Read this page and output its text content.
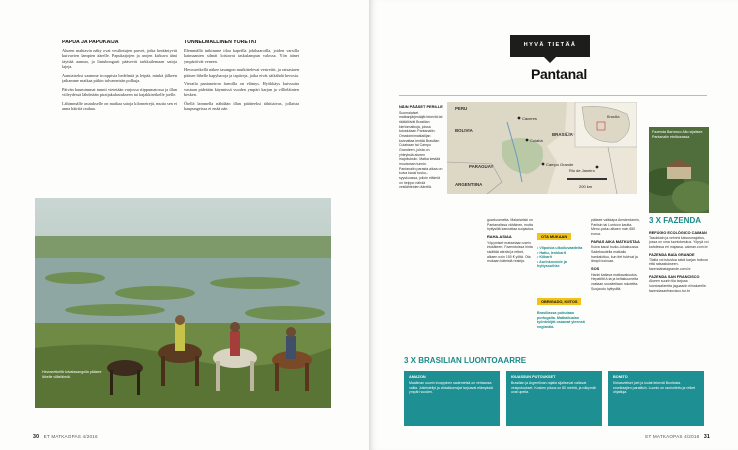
PAPUA JA PAPUKAIJA

Alueen mahtavin näky ovat vesilintujen parvet, jotka kerääntyvät kuivuvien lampien äärelle. Papukaijojen ja arojen kirkuva ääni täyttää aamun, ja lintubongarit pääsevät tarkkailemaan satoja lajeja.

Aamiaiseksi saamme trooppisia hedelmiä ja leipää, minkä jälkeen jatkamme matkaa pitkin tulvametsän polkuja.

Päivän kuumimmat tunnit vietetään varjossa riippumatossa ja illan viileydessä lähdetään piraijakalastukseen tai kajakkiretkelle joelle.

Lähimmälle asutukselle on matkaa satoja kilometrejä, mutta sen ei anna häiritä rauhaa.

TUNNELMALLINEN YÖRETKI

Illemmällä tutkimme tilaa kapeilla jokihaaroilla, joiden varsilla kaimaanien silmät loistavat taskulampun valossa. Yön äänet ympäröivät veneen.

Hevosretkellä näkee tasangon mutkittelevat vesireitit, ja ratsastaen pääsee lähelle kapybaroja ja tapiireja, jotka eivät säikähdä hevosia.

Vierailu pantaneiron farmilla on elämys. Hyökkäys kuivuutta vastaan pidetään käynnissä vuoden ympäri karjan ja villieläinten kesken.

Ötellä lammella nähdään illan päätteeksi tähtitaivas, jollaista kaupungeissa ei enää näe.

Hevosretkellä tulvatasangolla pääsee lähelle villieläimiä.
30 ET MATKAOPAS 4/2016
HYVÄ TIETÄÄ
Pantanal
Cáceres
Cuiabá
Campo Grande
Rio de Janeiro
BOLIVIA
BRASILIA
PARAGUAY
ARGENTIINA
PERU
Brasilia
200 km
Fazenda Barranco Alto sijaitsee Pantanalin eteläosassa.
3 X FAZENDA
REFÚGIO ECOLÓGICO CAIMAN

Tasokkain ja vehreä luksusmajoitus, jossa on oma luontokeskus. Yöpyä voi kahdessa eri majassa. caiman.com.br

FAZENDA BAÍA GRANDE

Tilalla voi tutustua sekä karjan hoitoon että ratsastukseen. fazendabaiagrande.com.br

FAZENDA SAN FRANCISCO

Alueen suurin tila tarjoaa luontosafareita jaguaarin elinalueelle. fazendasanfrancisco.tur.br

NÄIN PÄÄSET PERILLE

Suomalaiset matkanjärjestäjät tekevät tai räätälöivät Brasilian kiertomatkoja, joissa tutustutaan Pantanaliin. Omatoimimatkailijan kannattaa lentää Brasilian Cuiabaan tai Campo Grandeen, joista on yhteyksiä alueen majoituksiin. Matka kestää muutaman tunnin. Pantanalin parasta aikaa on kuiva kausi touko–syyskuussa, jolloin eläimiä on helppo nähdä vesilähteiden äärellä.

OTA MUKAAN
• Vilpoisia ulkoiluvaatteita
• Hattu, lenkkarit
• Kiikarit
• Aurinkovoide ja hyttyssuihke
OBRIGADO, KIITOS
Brasiliassa puhutaan portugalia. Matkailualan työntekijät osaavat yleensä englantia.

pääsee vaikkapa Amsterdamin, Pariisin tai Lontoon kautta. Meno-paluu alkaen noin 650 euroa.

PARAS AIKA MATKUSTAA

Kuiva kausi touko–lokakuussa. Sadekaudella matkailu hankaloituu, kun tiet tulvivat ja lämpö kohoaa.

SOS

Hanki kattava matkavakuutus. Hepatiitti A:ta ja keltakuumetta vastaan suositellaan rokotetta. Suojaudu hyttysiltä.

guarkuumetta. Malariariski on Pantanalissa vähäinen, mutta hyttysiltä kannattaa suojautua.

RAHA-ASIAA

Yöpymiset maksetaan usein etukäteen. Fazendoissa hinta sisältää ateriat ja retket, alkaen noin 150 € yöltä. Ota mukaan käteistä realeja.

3 X BRASILIAN LUONTOAARRE
AMAZON

Maailman suurin trooppinen sademetsä on vertaansa vailla. Jokiristeilyt ja viidakkomajat tarjoavat elämyksiä ympäri vuoden.

IGUASSUN PUTOUKSET

Brasilian ja Argentiinan rajalla sijaitsevat valtavat vesiputoukset. Kosken pituus on 80 metriä, ja näkymät ovat upeita.

BONITO

Kirkasvetiset joet ja luolat tekevät Bonitosta snorklaajien paratiisin. Luonto on rauhoitettu ja retket ohjattuja.

ET MATKAOPAS 4/2016 31
